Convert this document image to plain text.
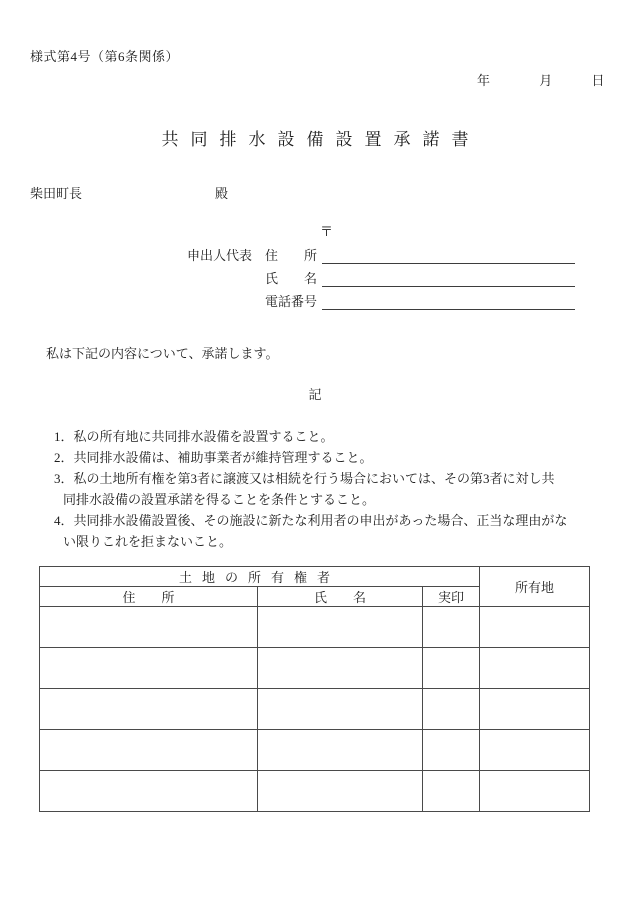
様式第4号（第6条関係）
年	月	日
共同排水設備設置承諾書
柴田町長	殿
〒
申出人代表 住　　所
氏　　名
電話番号
私は下記の内容について、承諾します。
記
1．私の所有地に共同排水設備を設置すること。
2．共同排水設備は、補助事業者が維持管理すること。
3．私の土地所有権を第3者に譲渡又は相続を行う場合においては、その第3者に対し共
同排水設備の設置承諾を得ることを条件とすること。
4．共同排水設備設置後、その施設に新たな利用者の申出があった場合、正当な理由がな
い限りこれを拒まないこと。
土地の所有権者			所有地
住　　所	氏　　名	実印	
